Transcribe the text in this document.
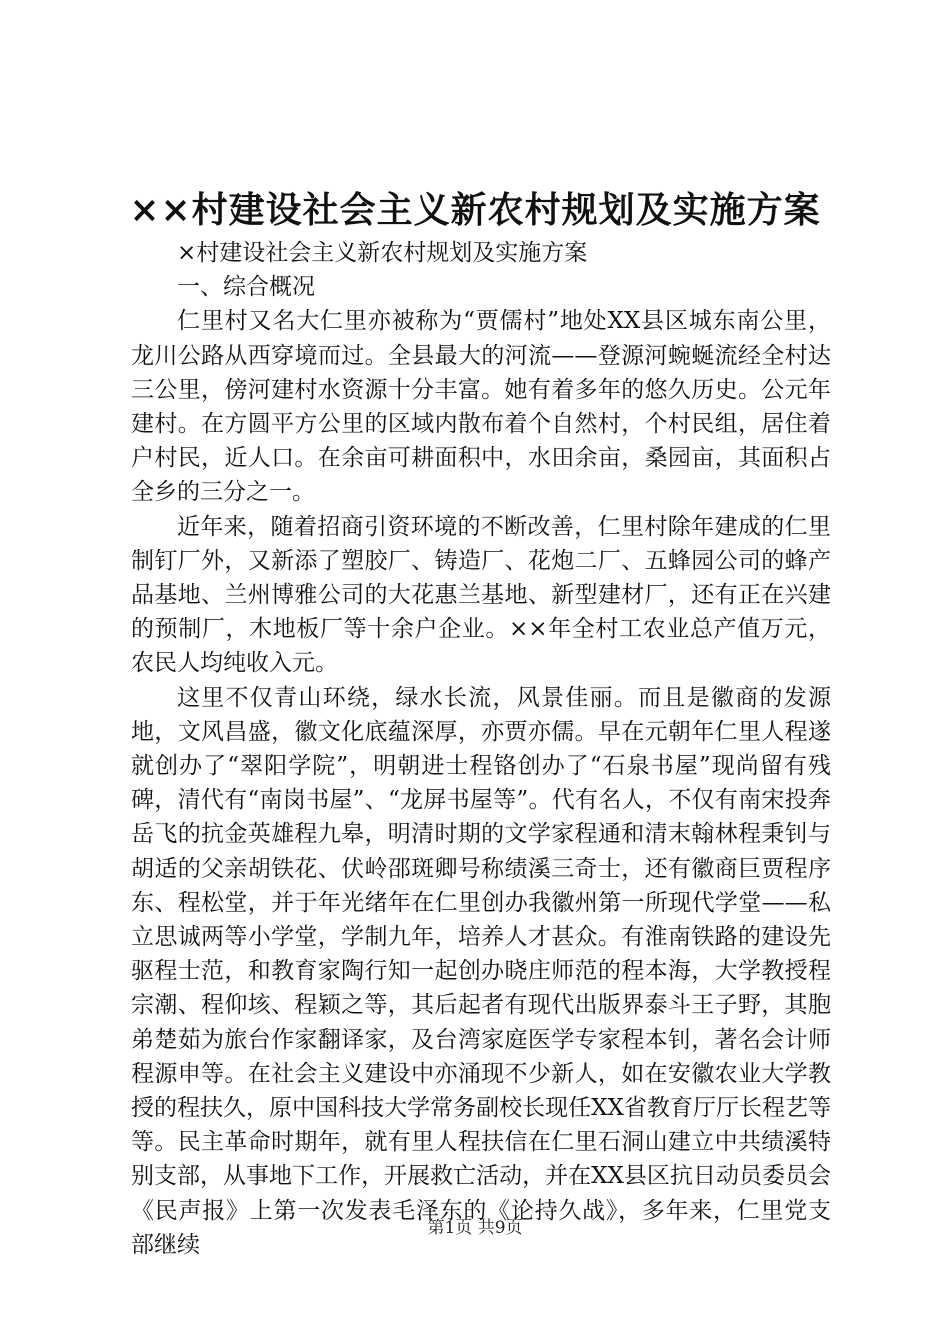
××村建设社会主义新农村规划及实施方案

×村建设社会主义新农村规划及实施方案

一、综合概况

仁里村又名大仁里亦被称为“贾儒村”地处XX县区城东南公里，龙川公路从西穿境而过。全县最大的河流——登源河蜿蜒流经全村达三公里，傍河建村水资源十分丰富。她有着多年的悠久历史。公元年建村。在方圆平方公里的区域内散布着个自然村，个村民组，居住着户村民，近人口。在余亩可耕面积中，水田余亩，桑园亩，其面积占全乡的三分之一。

近年来，随着招商引资环境的不断改善，仁里村除年建成的仁里制钉厂外，又新添了塑胶厂、铸造厂、花炮二厂、五蜂园公司的蜂产品基地、兰州博雅公司的大花惠兰基地、新型建材厂，还有正在兴建的预制厂，木地板厂等十余户企业。××年全村工农业总产值万元，农民人均纯收入元。

这里不仅青山环绕，绿水长流，风景佳丽。而且是徽商的发源地，文风昌盛，徽文化底蕴深厚，亦贾亦儒。早在元朝年仁里人程遂就创办了“翠阳学院”，明朝进士程铬创办了“石泉书屋”现尚留有残碑，清代有“南岗书屋”、“龙屏书屋等”。代有名人，不仅有南宋投奔岳飞的抗金英雄程九皋，明清时期的文学家程通和清末翰林程秉钊与胡适的父亲胡铁花、伏岭邵斑卿号称绩溪三奇士，还有徽商巨贾程序东、程松堂，并于年光绪年在仁里创办我徽州第一所现代学堂——私立思诚两等小学堂，学制九年，培养人才甚众。有淮南铁路的建设先驱程士范，和教育家陶行知一起创办晓庄师范的程本海，大学教授程宗潮、程仰垓、程颖之等，其后起者有现代出版界泰斗王子野，其胞弟楚茹为旅台作家翻译家，及台湾家庭医学专家程本钊，著名会计师程源申等。在社会主义建设中亦涌现不少新人，如在安徽农业大学教授的程扶久，原中国科技大学常务副校长现任XX省教育厅厅长程艺等等。民主革命时期年，就有里人程扶信在仁里石洞山建立中共绩溪特别支部，从事地下工作，开展救亡活动，并在XX县区抗日动员委员会《民声报》上第一次发表毛泽东的《论持久战》，多年来，仁里党支部继续

第1页 共9页
